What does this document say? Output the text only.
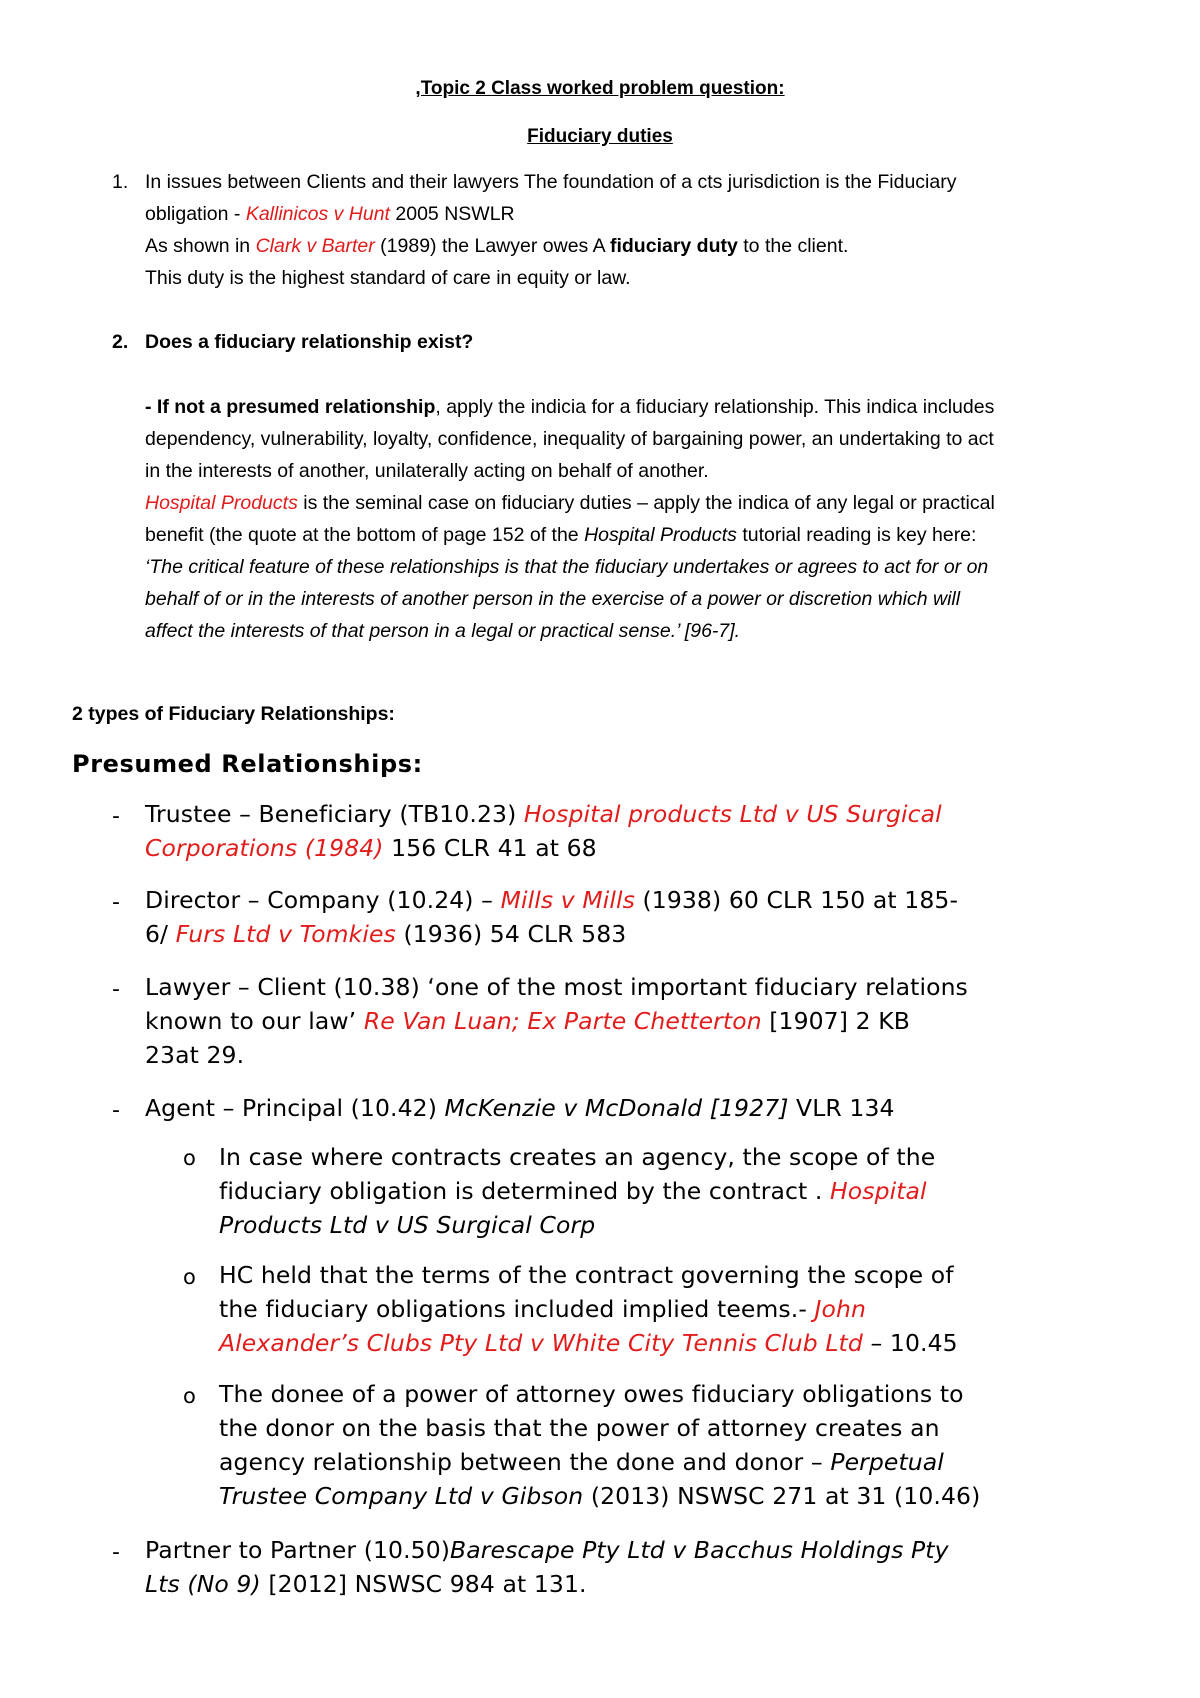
,Topic 2 Class worked problem question:
Fiduciary duties
1. In issues between Clients and their lawyers The foundation of a cts jurisdiction is the Fiduciary
obligation - Kallinicos v Hunt 2005 NSWLR
As shown in Clark v Barter (1989) the Lawyer owes A fiduciary duty to the client.
This duty is the highest standard of care in equity or law.
2. Does a fiduciary relationship exist?
- If not a presumed relationship, apply the indicia for a fiduciary relationship. This indica includes
dependency, vulnerability, loyalty, confidence, inequality of bargaining power, an undertaking to act
in the interests of another, unilaterally acting on behalf of another.
Hospital Products is the seminal case on fiduciary duties – apply the indica of any legal or practical
benefit (the quote at the bottom of page 152 of the Hospital Products tutorial reading is key here:
‘The critical feature of these relationships is that the fiduciary undertakes or agrees to act for or on
behalf of or in the interests of another person in the exercise of a power or discretion which will
affect the interests of that person in a legal or practical sense.’ [96-7].
2 types of Fiduciary Relationships:
Presumed Relationships:
- Trustee – Beneficiary (TB10.23) Hospital products Ltd v US Surgical
Corporations (1984) 156 CLR 41 at 68
- Director – Company (10.24) – Mills v Mills (1938) 60 CLR 150 at 185-
6/ Furs Ltd v Tomkies (1936) 54 CLR 583
- Lawyer – Client (10.38) ‘one of the most important fiduciary relations
known to our law’ Re Van Luan; Ex Parte Chetterton [1907] 2 KB
23at 29.
- Agent – Principal (10.42) McKenzie v McDonald [1927] VLR 134
o In case where contracts creates an agency, the scope of the
fiduciary obligation is determined by the contract . Hospital
Products Ltd v US Surgical Corp
o HC held that the terms of the contract governing the scope of
the fiduciary obligations included implied teems.- John
Alexander’s Clubs Pty Ltd v White City Tennis Club Ltd – 10.45
o The donee of a power of attorney owes fiduciary obligations to
the donor on the basis that the power of attorney creates an
agency relationship between the done and donor – Perpetual
Trustee Company Ltd v Gibson (2013) NSWSC 271 at 31 (10.46)
- Partner to Partner (10.50)Barescape Pty Ltd v Bacchus Holdings Pty
Lts (No 9) [2012] NSWSC 984 at 131.
